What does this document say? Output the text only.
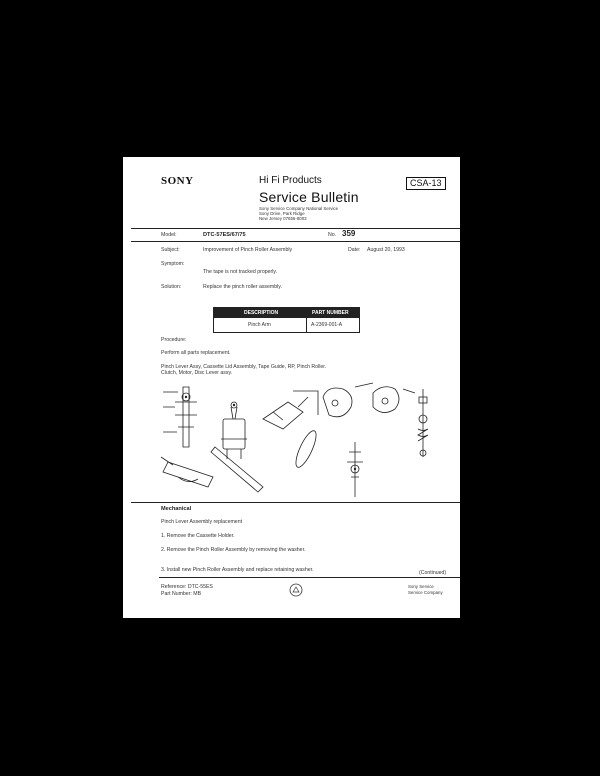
SONY	Hi Fi Products
Service Bulletin
CSA-13
Sony Service Company National Service
Sony Drive, Park Ridge
New Jersey 07656-8003
Model:	DTC-57ES/67/75	No. 359
Subject:	Improvement of Pinch Roller Assembly	Date: August 20, 1993
Symptom:
The tape is not tracked properly.
Solution:	Replace the pinch roller assembly.
DESCRIPTION	PART NUMBER
Pinch Arm	A-2369-001-A
Procedure:
Perform all parts replacement.
Pinch Lever Assy, Cassette Lid Assembly, Tape Guide, RP, Pinch Roller.
Clutch, Motor, Disc Lever assy.
Mechanical
Pinch Lever Assembly replacement
1. Remove the Cassette Holder.
2. Remove the Pinch Roller Assembly by removing the washer.
3. Install new Pinch Roller Assembly and replace retaining washer.	(Continued)
Reference: DTC-55ES
Part Number: MB
Sony Service
Service Company
